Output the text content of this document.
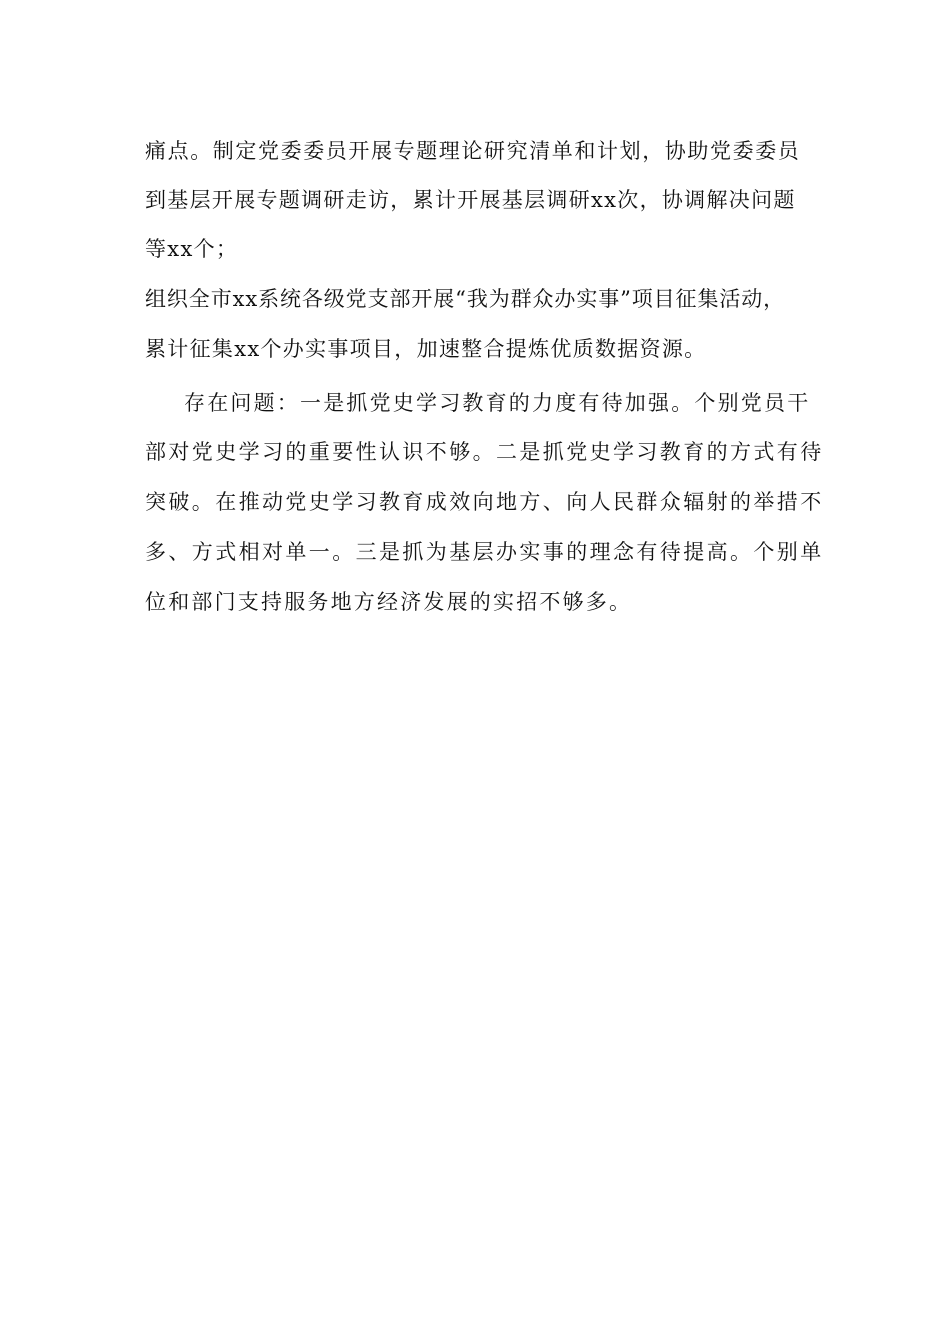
痛点。制定党委委员开展专题理论研究清单和计划，协助党委委员
到基层开展专题调研走访，累计开展基层调研xx次，协调解决问题
等xx个；
组织全市xx系统各级党支部开展“我为群众办实事”项目征集活动，
累计征集xx个办实事项目，加速整合提炼优质数据资源。
存在问题：一是抓党史学习教育的力度有待加强。个别党员干
部对党史学习的重要性认识不够。二是抓党史学习教育的方式有待
突破。在推动党史学习教育成效向地方、向人民群众辐射的举措不
多、方式相对单一。三是抓为基层办实事的理念有待提高。个别单
位和部门支持服务地方经济发展的实招不够多。
